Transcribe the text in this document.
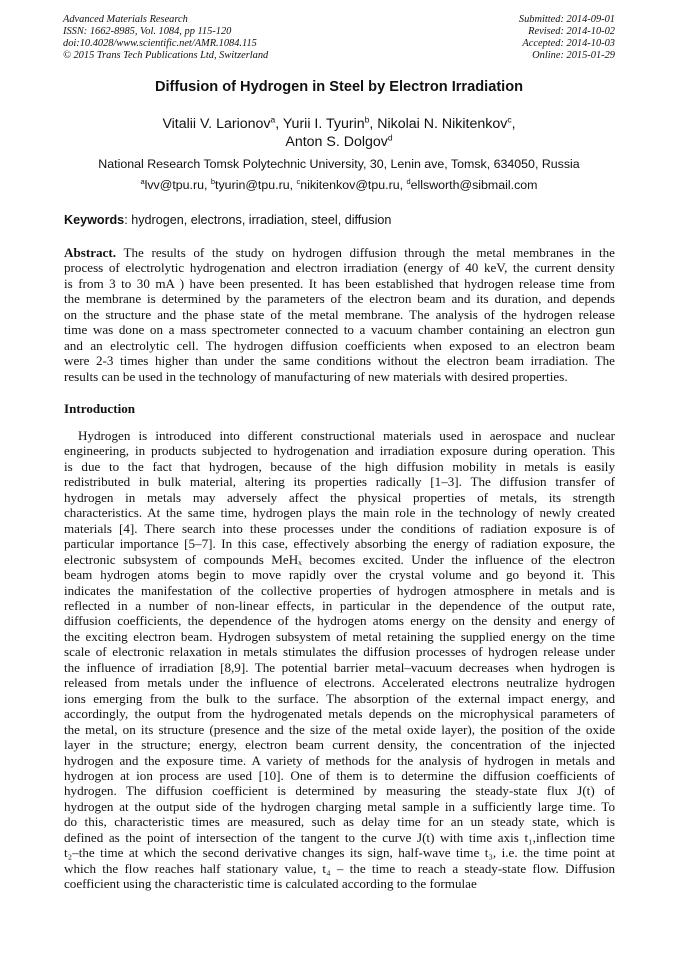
Advanced Materials Research
ISSN: 1662-8985, Vol. 1084, pp 115-120
doi:10.4028/www.scientific.net/AMR.1084.115
© 2015 Trans Tech Publications Ltd, Switzerland
Submitted: 2014-09-01
Revised: 2014-10-02
Accepted: 2014-10-03
Online: 2015-01-29
Diffusion of Hydrogen in Steel by Electron Irradiation
Vitalii V. Larionov$^a$, Yurii I. Tyurin$^b$, Nikolai N. Nikitenkov$^c$,
Anton S. Dolgov$^d$
National Research Tomsk Polytechnic University, 30, Lenin ave, Tomsk, 634050, Russia
$^a$lvv@tpu.ru, $^b$tyurin@tpu.ru, $^c$nikitenkov@tpu.ru, $^d$ellsworth@sibmail.com
Keywords: hydrogen, electrons, irradiation, steel, diffusion
Abstract. The results of the study on hydrogen diffusion through the metal membranes in the
process of electrolytic hydrogenation and electron irradiation (energy of 40 keV, the current density
is from 3 to 30 mA ) have been presented. It has been established that hydrogen release time from
the membrane is determined by the parameters of the electron beam and its duration, and depends
on the structure and the phase state of the metal membrane. The analysis of the hydrogen release
time was done on a mass spectrometer connected to a vacuum chamber containing an electron gun
and an electrolytic cell. The hydrogen diffusion coefficients when exposed to an electron beam
were 2-3 times higher than under the same conditions without the electron beam irradiation. The
results can be used in the technology of manufacturing of new materials with desired properties.
Introduction
Hydrogen is introduced into different constructional materials used in aerospace and nuclear
engineering, in products subjected to hydrogenation and irradiation exposure during operation. This
is due to the fact that hydrogen, because of the high diffusion mobility in metals is easily
redistributed in bulk material, altering its properties radically [1–3]. The diffusion transfer of
hydrogen in metals may adversely affect the physical properties of metals, its strength
characteristics. At the same time, hydrogen plays the main role in the technology of newly created
materials [4]. There search into these processes under the conditions of radiation exposure is of
particular importance [5–7]. In this case, effectively absorbing the energy of radiation exposure, the
electronic subsystem of compounds MeHₓ becomes excited. Under the influence of the electron
beam hydrogen atoms begin to move rapidly over the crystal volume and go beyond it. This
indicates the manifestation of the collective properties of hydrogen atmosphere in metals and is
reflected in a number of non-linear effects, in particular in the dependence of the output rate,
diffusion coefficients, the dependence of the hydrogen atoms energy on the density and energy of
the exciting electron beam. Hydrogen subsystem of metal retaining the supplied energy on the time
scale of electronic relaxation in metals stimulates the diffusion processes of hydrogen release under
the influence of irradiation [8,9]. The potential barrier metal–vacuum decreases when hydrogen is
released from metals under the influence of electrons. Accelerated electrons neutralize hydrogen
ions emerging from the bulk to the surface. The absorption of the external impact energy, and
accordingly, the output from the hydrogenated metals depends on the microphysical parameters of
the metal, on its structure (presence and the size of the metal oxide layer), the position of the oxide
layer in the structure; energy, electron beam current density, the concentration of the injected
hydrogen and the exposure time. A variety of methods for the analysis of hydrogen in metals and
hydrogen at ion process are used [10]. One of them is to determine the diffusion coefficients of
hydrogen. The diffusion coefficient is determined by measuring the steady-state flux J(t) of
hydrogen at the output side of the hydrogen charging metal sample in a sufficiently large time. To
do this, characteristic times are measured, such as delay time for an un steady state, which is
defined as the point of intersection of the tangent to the curve J(t) with time axis t₁,inflection time
t₂–the time at which the second derivative changes its sign, half-wave time t₃, i.e. the time point at
which the flow reaches half stationary value, t₄ – the time to reach a steady-state flow. Diffusion
coefficient using the characteristic time is calculated according to the formulae
